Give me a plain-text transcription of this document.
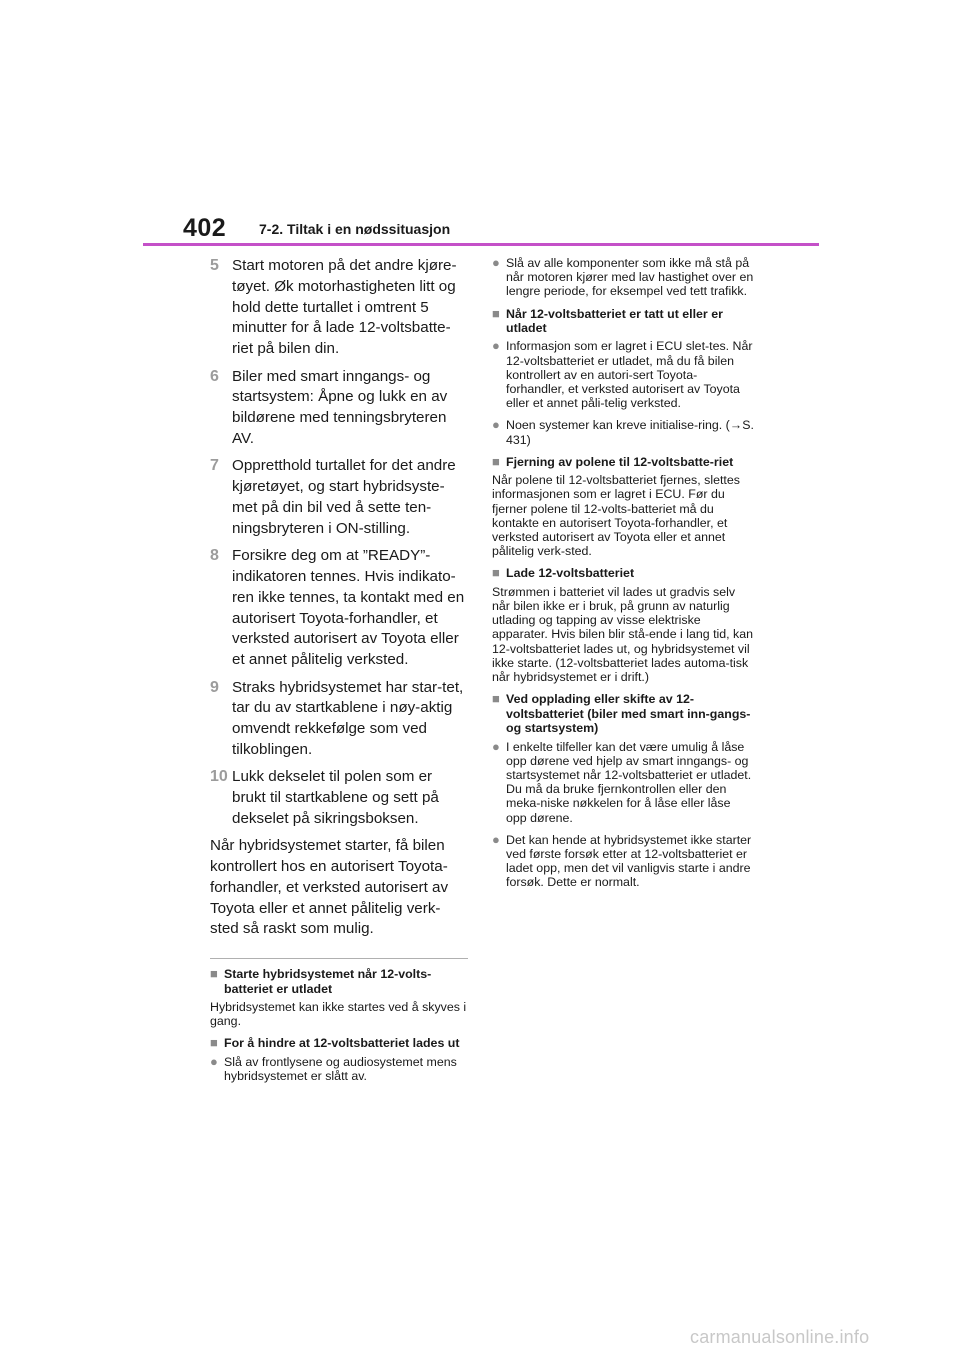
402 7-2. Tiltak i en nødssituasjon
5 Start motoren på det andre kjøre-tøyet. Øk motorhastigheten litt og hold dette turtallet i omtrent 5 minutter for å lade 12-voltsbatte-riet på bilen din.
6 Biler med smart inngangs- og startsystem: Åpne og lukk en av bildørene med tenningsbryteren AV.
7 Oppretthold turtallet for det andre kjøretøyet, og start hybridsyste-met på din bil ved å sette ten-ningsbryteren i ON-stilling.
8 Forsikre deg om at ”READY”-indikatoren tennes. Hvis indikato-ren ikke tennes, ta kontakt med en autorisert Toyota-forhandler, et verksted autorisert av Toyota eller et annet pålitelig verksted.
9 Straks hybridsystemet har star-tet, tar du av startkablene i nøy-aktig omvendt rekkefølge som ved tilkoblingen.
10 Lukk dekselet til polen som er brukt til startkablene og sett på dekselet på sikringsboksen.

Når hybridsystemet starter, få bilen kontrollert hos en autorisert Toyota-forhandler, et verksted autorisert av Toyota eller et annet pålitelig verk-sted så raskt som mulig.

■ Starte hybridsystemet når 12-volts-batteriet er utladet
Hybridsystemet kan ikke startes ved å skyves i gang.
■ For å hindre at 12-voltsbatteriet lades ut
● Slå av frontlysene og audiosystemet mens hybridsystemet er slått av.
● Slå av alle komponenter som ikke må stå på når motoren kjører med lav hastighet over en lengre periode, for eksempel ved tett trafikk.
■ Når 12-voltsbatteriet er tatt ut eller er utladet
● Informasjon som er lagret i ECU slet-tes. Når 12-voltsbatteriet er utladet, må du få bilen kontrollert av en autori-sert Toyota-forhandler, et verksted autorisert av Toyota eller et annet påli-telig verksted.
● Noen systemer kan kreve initialise-ring. (→S. 431)
■ Fjerning av polene til 12-voltsbatte-riet
Når polene til 12-voltsbatteriet fjernes, slettes informasjonen som er lagret i ECU. Før du fjerner polene til 12-volts-batteriet må du kontakte en autorisert Toyota-forhandler, et verksted autorisert av Toyota eller et annet pålitelig verk-sted.
■ Lade 12-voltsbatteriet
Strømmen i batteriet vil lades ut gradvis selv når bilen ikke er i bruk, på grunn av naturlig utlading og tapping av visse elektriske apparater. Hvis bilen blir stå-ende i lang tid, kan 12-voltsbatteriet lades ut, og hybridsystemet vil ikke starte. (12-voltsbatteriet lades automa-tisk når hybridsystemet er i drift.)
■ Ved opplading eller skifte av 12-voltsbatteriet (biler med smart inn-gangs- og startsystem)
● I enkelte tilfeller kan det være umulig å låse opp dørene ved hjelp av smart inngangs- og startsystemet når 12-voltsbatteriet er utladet. Du må da bruke fjernkontrollen eller den meka-niske nøkkelen for å låse eller låse opp dørene.
● Det kan hende at hybridsystemet ikke starter ved første forsøk etter at 12-voltsbatteriet er ladet opp, men det vil vanligvis starte i andre forsøk. Dette er normalt.
carmanualsonline.info
